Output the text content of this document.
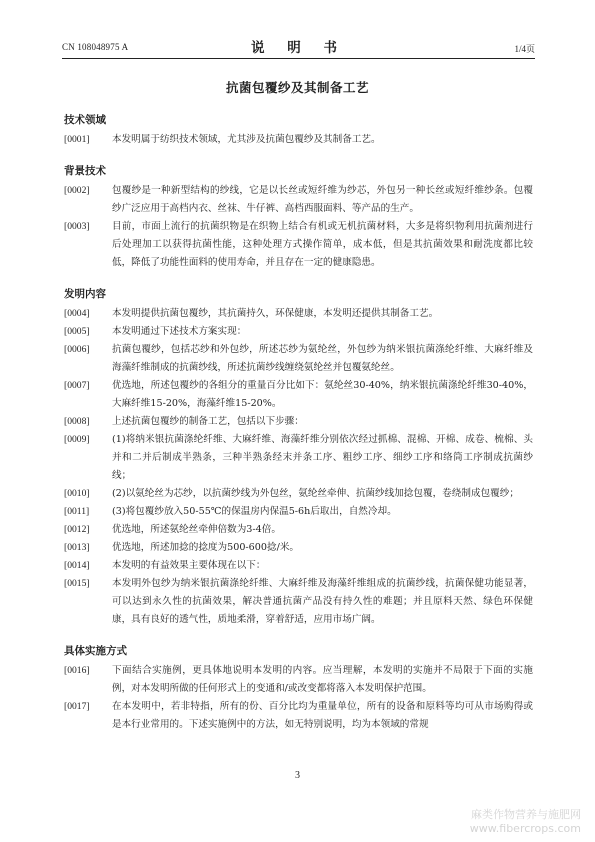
CN 108048975 A	说 明 书	1/4页
抗菌包覆纱及其制备工艺
技术领域
[0001]	本发明属于纺织技术领域，尤其涉及抗菌包覆纱及其制备工艺。
背景技术
[0002]	包覆纱是一种新型结构的纱线，它是以长丝或短纤维为纱芯，外包另一种长丝或短纤维纱条。包覆纱广泛应用于高档内衣、丝袜、牛仔裤、高档西服面料、等产品的生产。
[0003]	目前，市面上流行的抗菌织物是在织物上结合有机或无机抗菌材料，大多是将织物利用抗菌剂进行后处理加工以获得抗菌性能，这种处理方式操作简单，成本低，但是其抗菌效果和耐洗度都比较低，降低了功能性面料的使用寿命，并且存在一定的健康隐患。
发明内容
[0004]	本发明提供抗菌包覆纱，其抗菌持久，环保健康，本发明还提供其制备工艺。
[0005]	本发明通过下述技术方案实现：
[0006]	抗菌包覆纱，包括芯纱和外包纱，所述芯纱为氨纶丝，外包纱为纳米银抗菌涤纶纤维、大麻纤维及海藻纤维制成的抗菌纱线，所述抗菌纱线缠绕氨纶丝并包覆氨纶丝。
[0007]	优选地，所述包覆纱的各组分的重量百分比如下：氨纶丝30-40%，纳米银抗菌涤纶纤维30-40%，大麻纤维15-20%，海藻纤维15-20%。
[0008]	上述抗菌包覆纱的制备工艺，包括以下步骤：
[0009]	(1)将纳米银抗菌涤纶纤维、大麻纤维、海藻纤维分别依次经过抓棉、混棉、开棉、成卷、梳棉、头并和二并后制成半熟条，三种半熟条经末并条工序、粗纱工序、细纱工序和络筒工序制成抗菌纱线；
[0010]	(2)以氨纶丝为芯纱，以抗菌纱线为外包丝，氨纶丝牵伸、抗菌纱线加捻包覆，卷绕制成包覆纱；
[0011]	(3)将包覆纱放入50-55℃的保温房内保温5-6h后取出，自然冷却。
[0012]	优选地，所述氨纶丝牵伸倍数为3-4倍。
[0013]	优选地，所述加捻的捻度为500-600捻/米。
[0014]	本发明的有益效果主要体现在以下：
[0015]	本发明外包纱为纳米银抗菌涤纶纤维、大麻纤维及海藻纤维组成的抗菌纱线，抗菌保健功能显著，可以达到永久性的抗菌效果，解决普通抗菌产品没有持久性的难题；并且原料天然、绿色环保健康，具有良好的透气性，质地柔滑，穿着舒适，应用市场广阔。
具体实施方式
[0016]	下面结合实施例，更具体地说明本发明的内容。应当理解，本发明的实施并不局限于下面的实施例，对本发明所做的任何形式上的变通和/或改变都将落入本发明保护范围。
[0017]	在本发明中，若非特指，所有的份、百分比均为重量单位，所有的设备和原料等均可从市场购得或是本行业常用的。下述实施例中的方法，如无特别说明，均为本领域的常规
3
麻类作物营养与施肥网
www.fibercrops.com
